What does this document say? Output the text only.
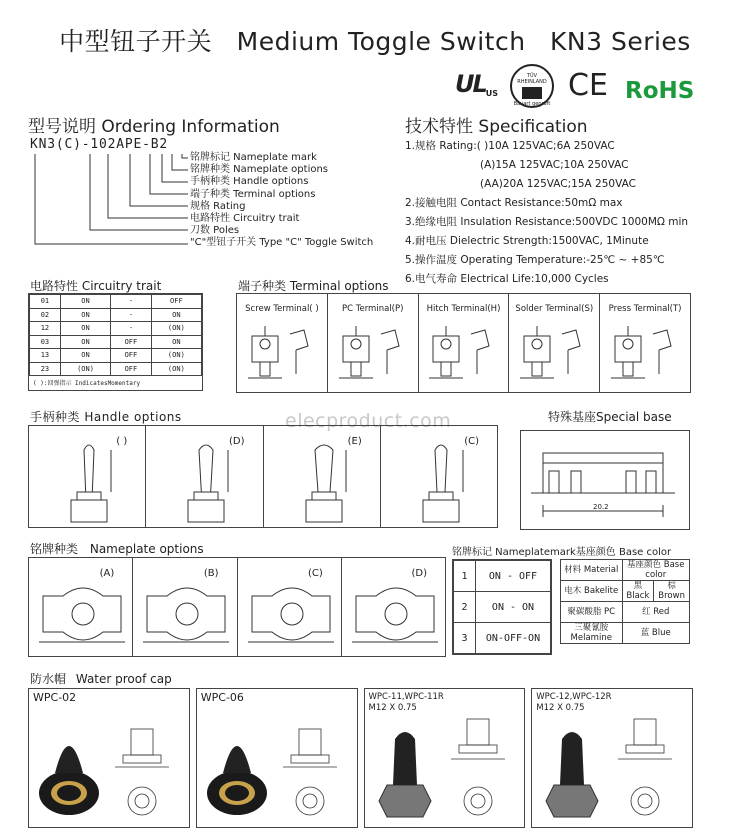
中型钮子开关 Medium Toggle Switch KN3 Series
$UL_{US}$
TÜV RHEINLAND
Bauart geprüft
CE RoHS
型号说明 Ordering Information
KN3(C)-102APE-B2
铭牌标记 Nameplate mark
铭牌种类 Nameplate options
手柄种类 Handle options
端子种类 Terminal options
规格 Rating
电路特性 Circuitry trait
刀数 Poles
"C"型钮子开关 Type "C" Toggle Switch
技术特性 Specification
1.规格 Rating:( )10A 125VAC;6A 250VAC
(A)15A 125VAC;10A 250VAC
(AA)20A 125VAC;15A 250VAC
2.接触电阻 Contact Resistance:50mΩ max
3.绝缘电阻 Insulation Resistance:500VDC 1000MΩ min
4.耐电压 Dielectric Strength:1500VAC, 1Minute
5.操作温度 Operating Temperature:-25℃ ~ +85℃
6.电气寿命 Electrical Life:10,000 Cycles
电路特性 Circuitry trait
01	ON	-	OFF
02	ON	-	ON
12	ON	-	(ON)
03	ON	OFF	ON
13	ON	OFF	(ON)
23	(ON)	OFF	(ON)
( ):回弹指示 IndicatesMomentary
端子种类 Terminal options
Screw Terminal( )	PC Terminal(P)	Hitch Terminal(H)	Solder Terminal(S)	Press Terminal(T)
elecproduct.com
手柄种类 Handle options
( )	(D)	(E)	(C)
特殊基座Special base
20.2
铭牌种类 Nameplate options
(A)	(B)	(C)	(D)
铭牌标记 Nameplatemark基座颜色 Base color
1	ON - OFF
2	ON - ON
3	ON-OFF-ON
材料 Material	基座颜色 Base color	
电木 Bakelite	黑 Black	棕 Brown
聚碳酸脂 PC	红 Red	
三聚氰胺 Melamine	蓝 Blue	
防水帽 Water proof cap
WPC-02	WPC-06	WPC-11,WPC-11R
M12 X 0.75
WPC-12,WPC-12R
M12 X 0.75
